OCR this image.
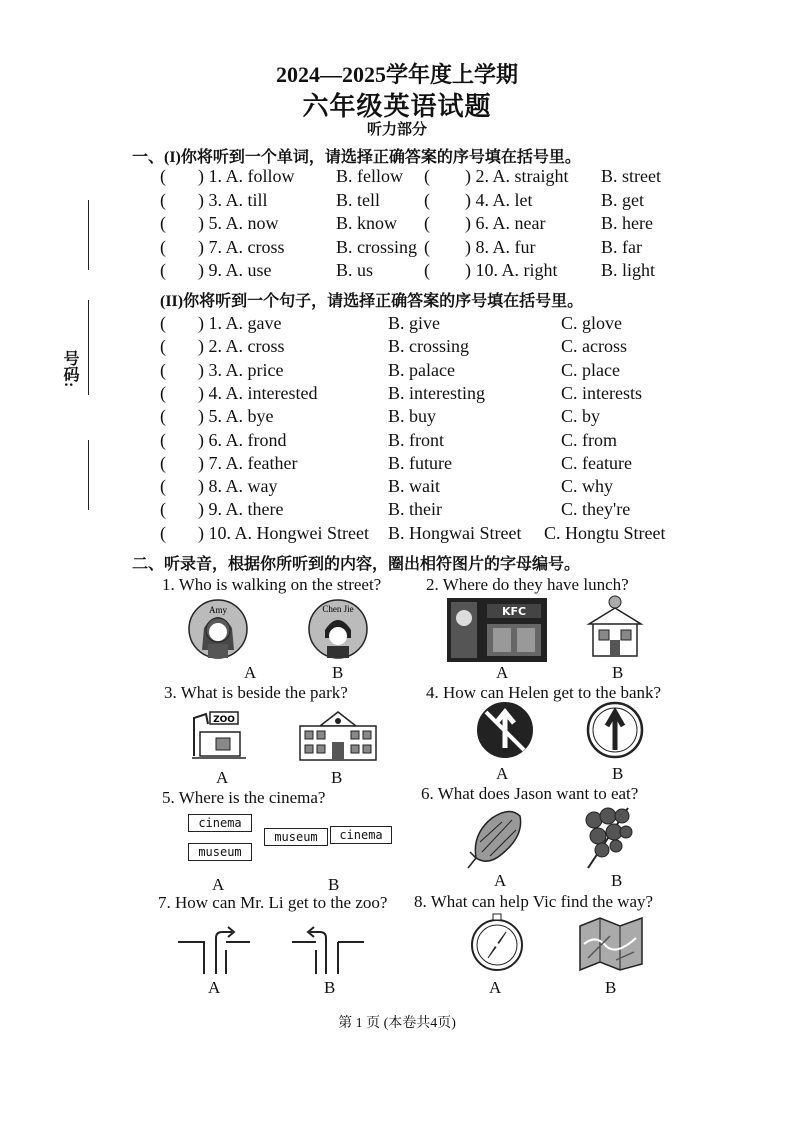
2024—2025学年度上学期
六年级英语试题
听力部分
号码:
一、(I)你将听到一个单词，请选择正确答案的序号填在括号里。
( ) 1. A. follow B. fellow ( ) 2. A. straight B. street
( ) 3. A. till	B. tell ( ) 4. A. let	B. get
( ) 5. A. now	B. know ( ) 6. A. near	B. here
( ) 7. A. cross	B. crossing ( ) 8. A. fur	B. far
( ) 9. A. use	B. us	( ) 10. A. right B. light
(II)你将听到一个句子，请选择正确答案的序号填在括号里。
( ) 1. A. gave	B. give	C. glove
( ) 2. A. cross	B. crossing	C. across
( ) 3. A. price	B. palace	C. place
( ) 4. A. interested	B. interesting	C. interests
( ) 5. A. bye	B. buy	C. by
( ) 6. A. frond	B. front	C. from
( ) 7. A. feather	B. future	C. feature
( ) 8. A. way	B. wait	C. why
( ) 9. A. there	B. their	C. they're
( ) 10. A. Hongwei Street B. Hongwai Street C. Hongtu Street
二、听录音，根据你所听到的内容，圈出相符图片的字母编号。
1. Who is walking on the street?
Amy	Chen Jie
A	B
2. Where do they have lunch?
KFC
A	B
3. What is beside the park?
ZOO
A	B
4. How can Helen get to the bank?
A	B
5. Where is the cinema?
cinema
museum
museum	cinema
A	B
6. What does Jason want to eat?
A	B
7. How can Mr. Li get to the zoo?
A	B
8. What can help Vic find the way?
A	B
第 1 页 (本卷共4页)
